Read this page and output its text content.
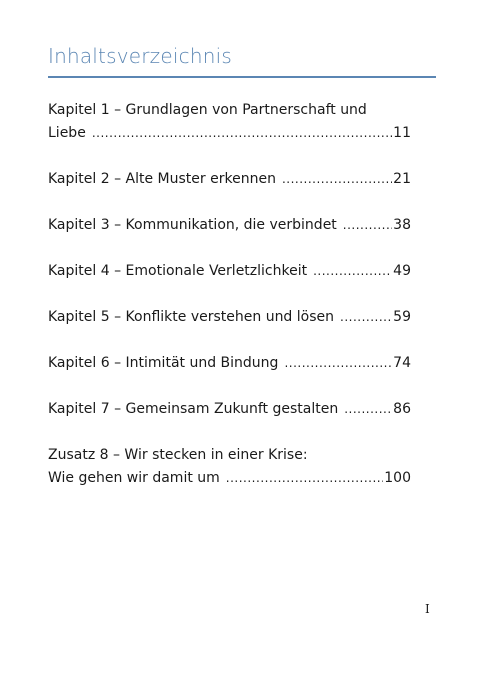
Inhaltsverzeichnis
Kapitel 1 – Grundlagen von Partnerschaft und
Liebe .....	11
Kapitel 2 – Alte Muster erkennen .....	21
Kapitel 3 – Kommunikation, die verbindet .....	38
Kapitel 4 – Emotionale Verletzlichkeit .....	49
Kapitel 5 – Konflikte verstehen und lösen .....	59
Kapitel 6 – Intimität und Bindung .....	74
Kapitel 7 – Gemeinsam Zukunft gestalten .....	86
Zusatz 8 – Wir stecken in einer Krise:
Wie gehen wir damit um .....	100
I
